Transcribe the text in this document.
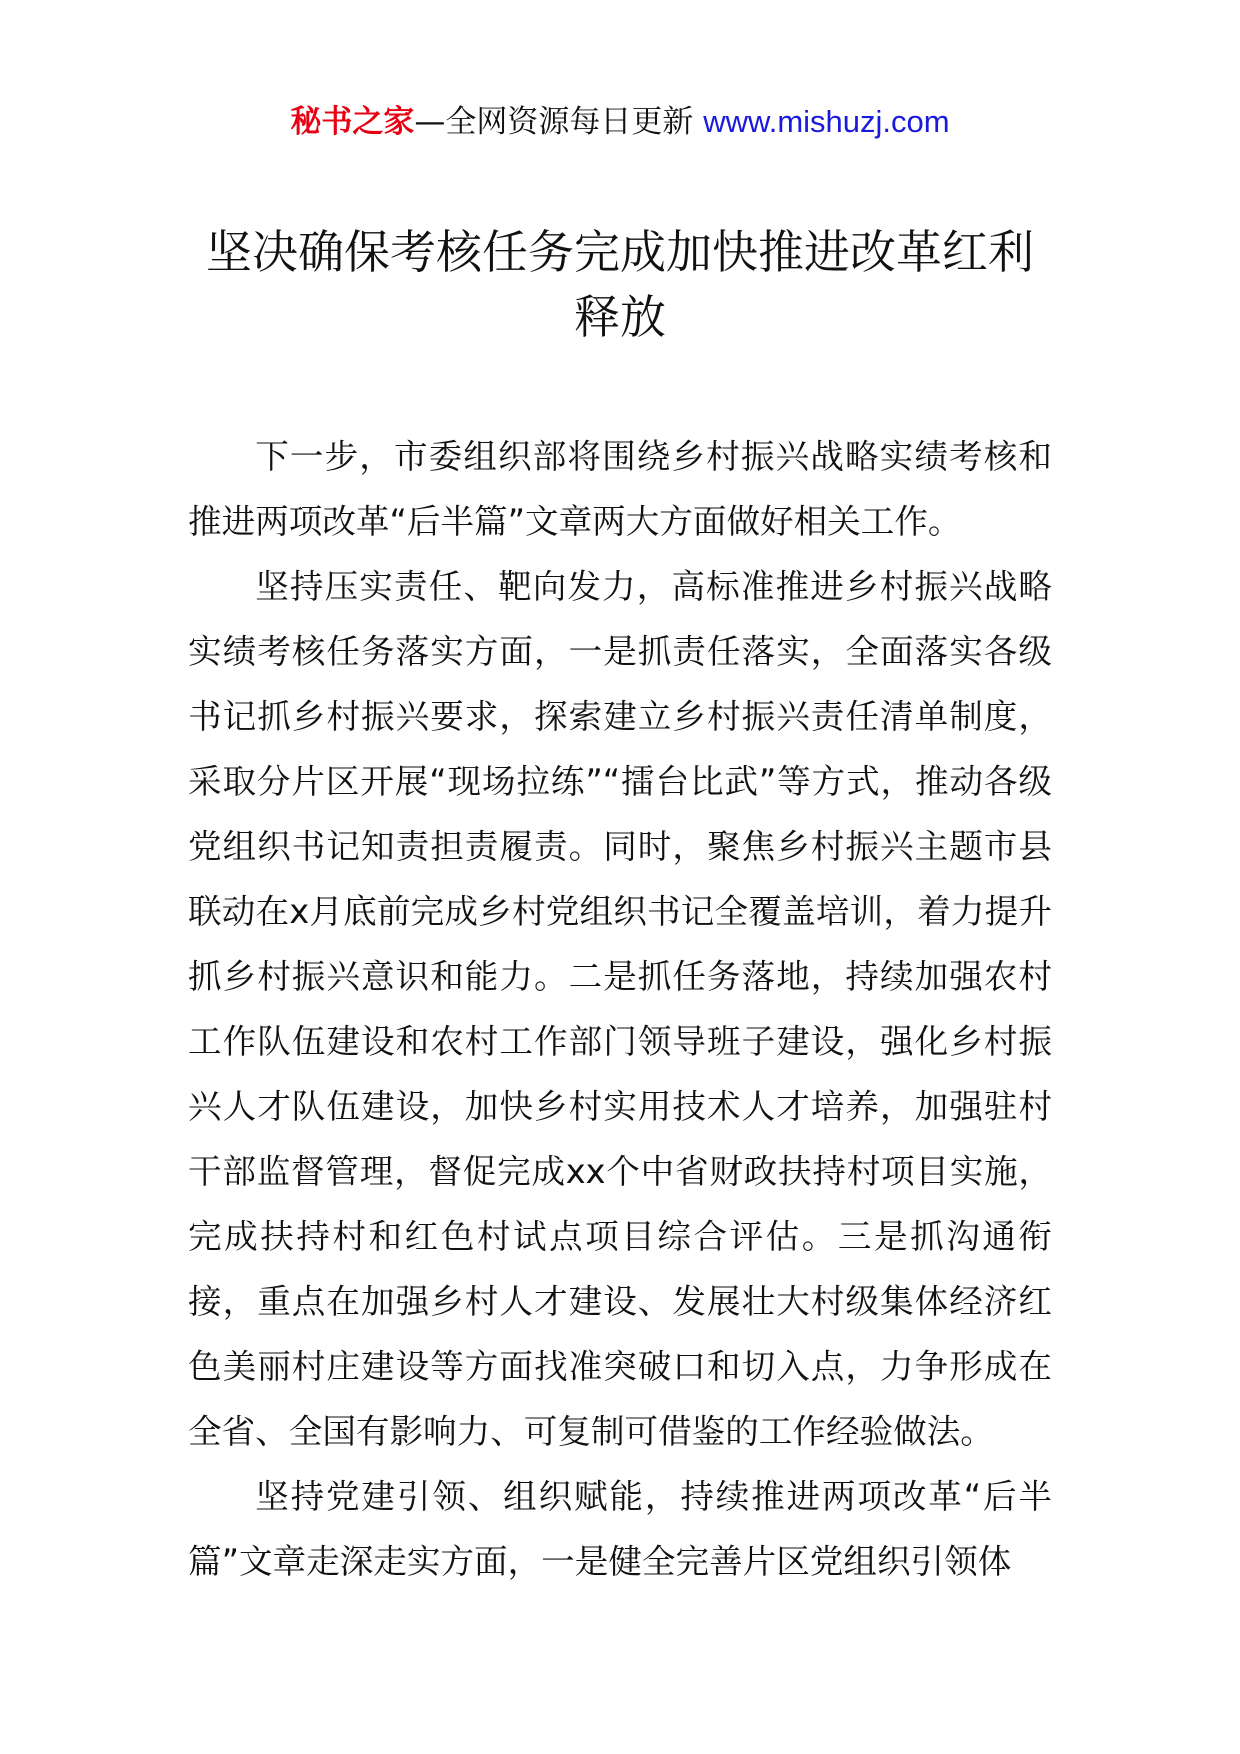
秘书之家—全网资源每日更新 www.mishuzj.com
坚决确保考核任务完成加快推进改革红利释放

下一步，市委组织部将围绕乡村振兴战略实绩考核和推进两项改革“后半篇”文章两大方面做好相关工作。

坚持压实责任、靶向发力，高标准推进乡村振兴战略实绩考核任务落实方面，一是抓责任落实，全面落实各级书记抓乡村振兴要求，探索建立乡村振兴责任清单制度，采取分片区开展“现场拉练”“擂台比武”等方式，推动各级党组织书记知责担责履责。同时，聚焦乡村振兴主题市县联动在x月底前完成乡村党组织书记全覆盖培训，着力提升抓乡村振兴意识和能力。二是抓任务落地，持续加强农村工作队伍建设和农村工作部门领导班子建设，强化乡村振兴人才队伍建设，加快乡村实用技术人才培养，加强驻村干部监督管理，督促完成xx个中省财政扶持村项目实施，完成扶持村和红色村试点项目综合评估。三是抓沟通衔接，重点在加强乡村人才建设、发展壮大村级集体经济红色美丽村庄建设等方面找准突破口和切入点，力争形成在全省、全国有影响力、可复制可借鉴的工作经验做法。

坚持党建引领、组织赋能，持续推进两项改革“后半篇”文章走深走实方面，一是健全完善片区党组织引领体
